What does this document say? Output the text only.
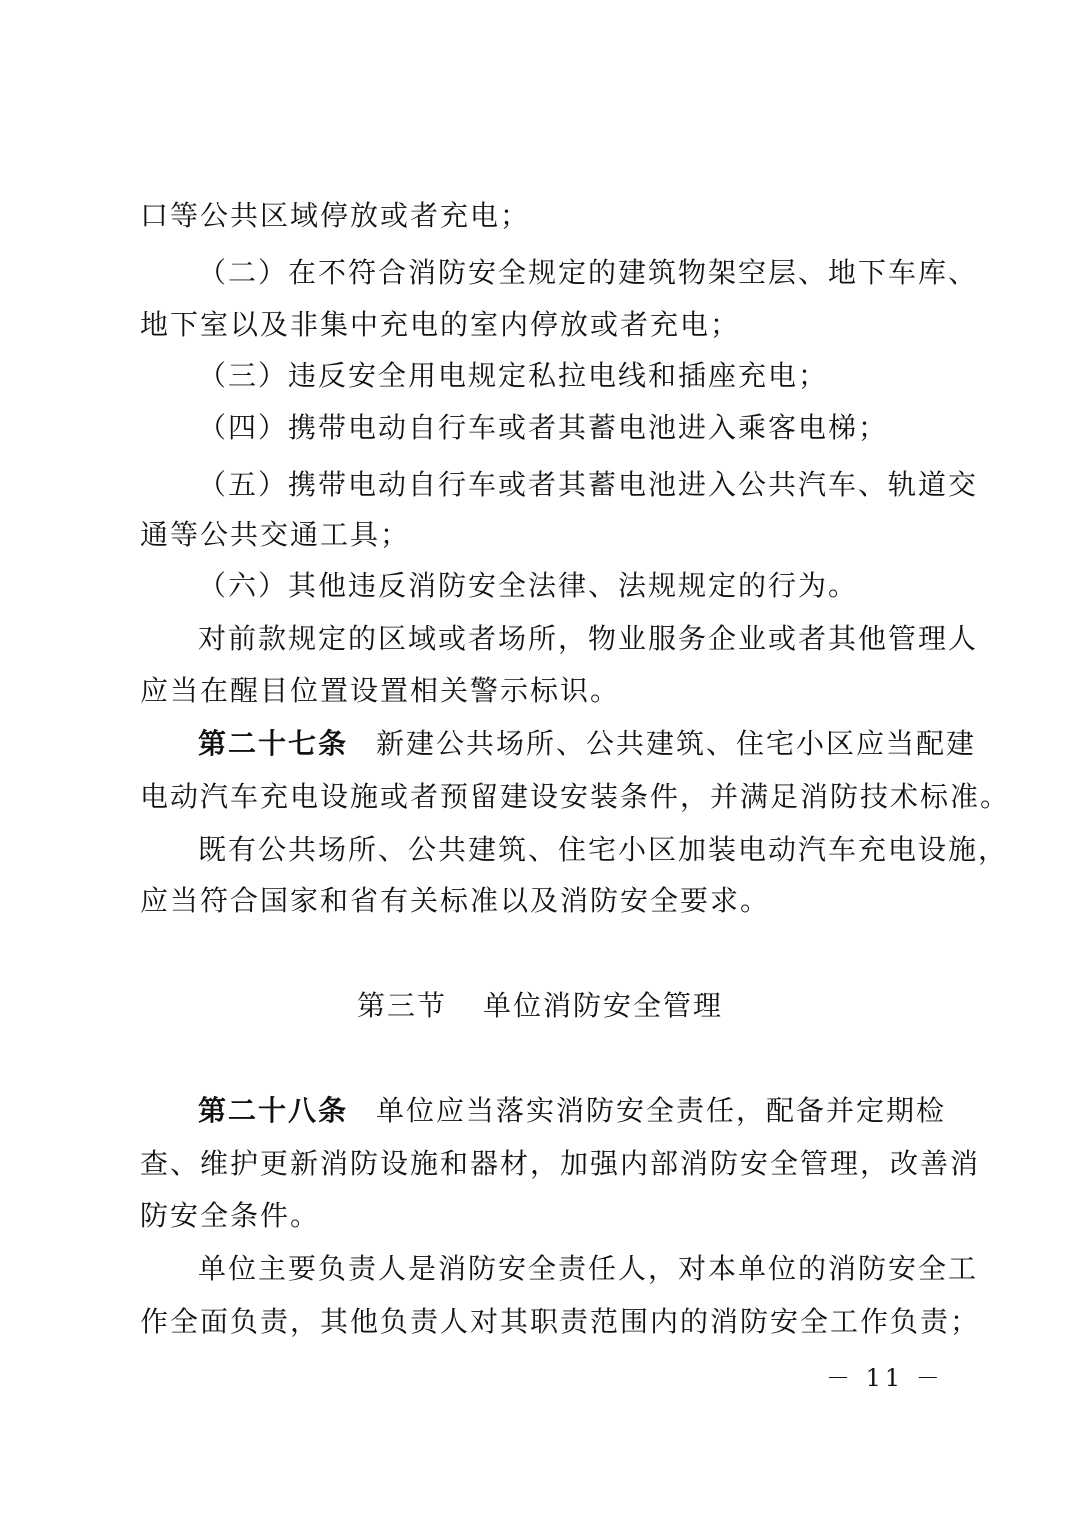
口等公共区域停放或者充电；
（二）在不符合消防安全规定的建筑物架空层、地下车库、
地下室以及非集中充电的室内停放或者充电；
（三）违反安全用电规定私拉电线和插座充电；
（四）携带电动自行车或者其蓄电池进入乘客电梯；
（五）携带电动自行车或者其蓄电池进入公共汽车、轨道交
通等公共交通工具；
（六）其他违反消防安全法律、法规规定的行为。
对前款规定的区域或者场所，物业服务企业或者其他管理人
应当在醒目位置设置相关警示标识。
第二十七条 新建公共场所、公共建筑、住宅小区应当配建
电动汽车充电设施或者预留建设安装条件，并满足消防技术标准。
既有公共场所、公共建筑、住宅小区加装电动汽车充电设施，
应当符合国家和省有关标准以及消防安全要求。
第三节 单位消防安全管理
第二十八条 单位应当落实消防安全责任，配备并定期检
查、维护更新消防设施和器材，加强内部消防安全管理，改善消
防安全条件。
单位主要负责人是消防安全责任人，对本单位的消防安全工
作全面负责，其他负责人对其职责范围内的消防安全工作负责；
－ 11 －
